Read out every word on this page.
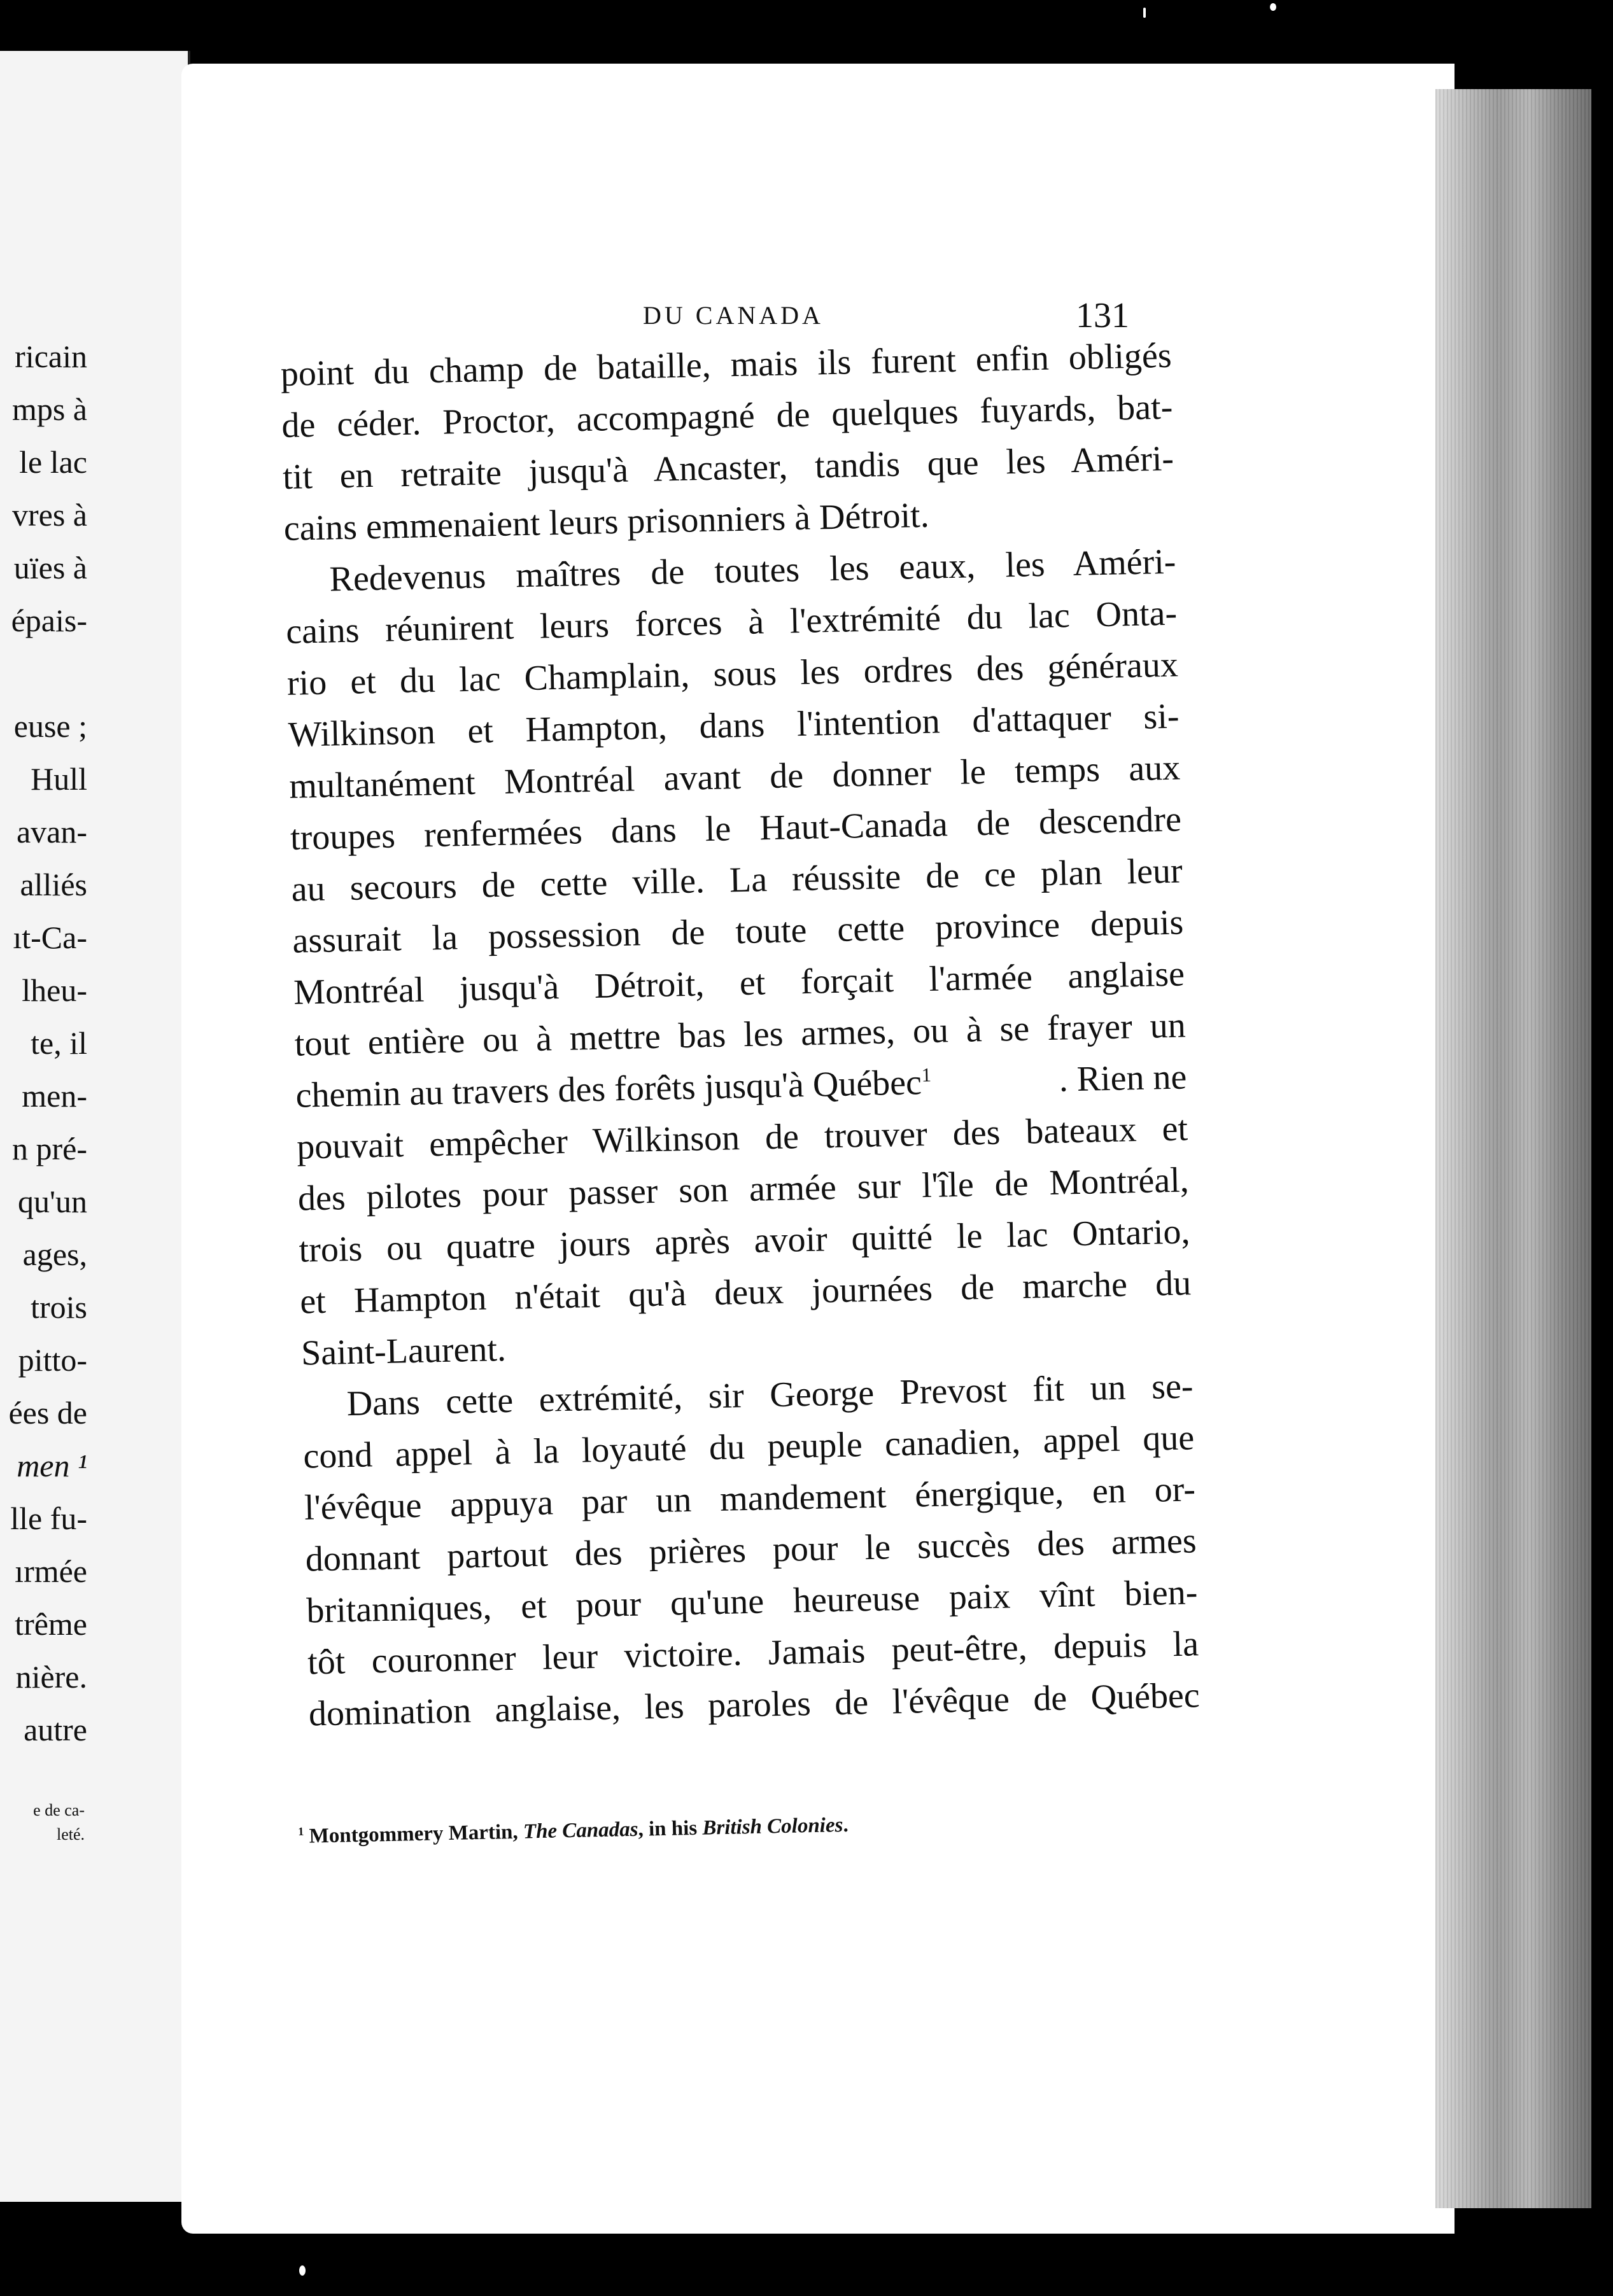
ricain
mps à
le lac
vres à
uïes à
épais-
euse ;
Hull
avan-
alliés
ıt-Ca-
lheu-
te, il
men-
n pré-
qu'un
ages,
trois
pitto-
ées de
men ¹
lle fu-
ırmée
trême
nière.
autre
e de ca-
leté.
DU CANADA	131
point du champ de bataille, mais ils furent enfin obligés
de céder. Proctor, accompagné de quelques fuyards, bat-
tit en retraite jusqu'à Ancaster, tandis que les Améri-
cains emmenaient leurs prisonniers à Détroit.
Redevenus maîtres de toutes les eaux, les Améri-
cains réunirent leurs forces à l'extrémité du lac Onta-
rio et du lac Champlain, sous les ordres des généraux
Wilkinson et Hampton, dans l'intention d'attaquer si-
multanément Montréal avant de donner le temps aux
troupes renfermées dans le Haut-Canada de descendre
au secours de cette ville. La réussite de ce plan leur
assurait la possession de toute cette province depuis
Montréal jusqu'à Détroit, et forçait l'armée anglaise
tout entière ou à mettre bas les armes, ou à se frayer un
chemin au travers des forêts jusqu'à Québec$^1$	. Rien ne
pouvait empêcher Wilkinson de trouver des bateaux et
des pilotes pour passer son armée sur l'île de Montréal,
trois ou quatre jours après avoir quitté le lac Ontario,
et Hampton n'était qu'à deux journées de marche du
Saint-Laurent.
Dans cette extrémité, sir George Prevost fit un se-
cond appel à la loyauté du peuple canadien, appel que
l'évêque appuya par un mandement énergique, en or-
donnant partout des prières pour le succès des armes
britanniques, et pour qu'une heureuse paix vînt bien-
tôt couronner leur victoire. Jamais peut-être, depuis la
domination anglaise, les paroles de l'évêque de Québec
$^1$ Montgommery Martin, The Canadas, in his British Colonies.
